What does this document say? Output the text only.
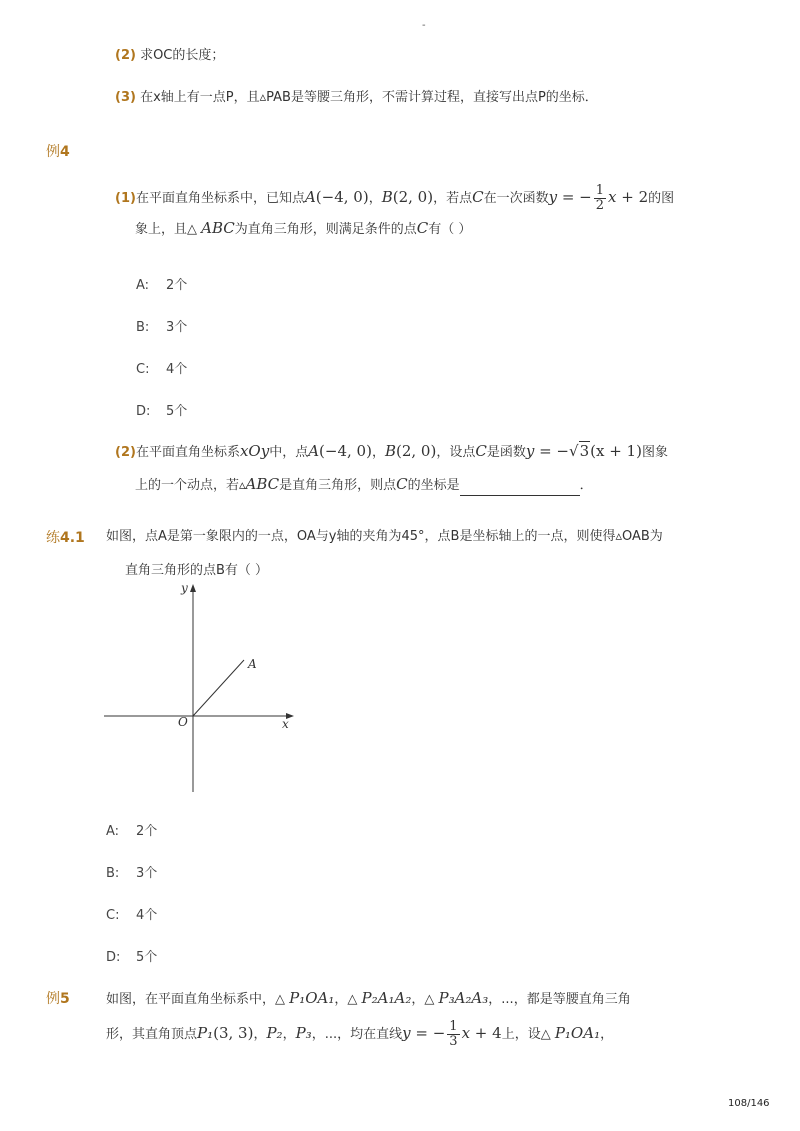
-
(2) 求OC的长度；
(3) 在x轴上有一点P，且▵PAB是等腰三角形，不需计算过程，直接写出点P的坐标．
例4
(1)在平面直角坐标系中，已知点A(−4, 0)，B(2, 0)，若点C在一次函数y = − $\frac{1}{2}$ x + 2的图
象上，且△ ABC为直角三角形，则满足条件的点C有（ ）
A: 2个
B: 3个
C: 4个
D: 5个
(2)在平面直角坐标系xOy中，点A(−4, 0)，B(2, 0)，设点C是函数y = −√3(x + 1)图象
上的一个动点，若▵ABC是直角三角形，则点C的坐标是	．
练4.1 如图，点A是第一象限内的一点，OA与y轴的夹角为45°，点B是坐标轴上的一点，则使得▵OAB为
直角三角形的点B有（ ）
y
x
O
A
A: 2个
B: 3个
C: 4个
D: 5个
例5	如图，在平面直角坐标系中，△ P₁OA₁，△ P₂A₁A₂，△ P₃A₂A₃，...，都是等腰直角三角
形，其直角顶点P₁(3, 3)，P₂，P₃，...，均在直线y = − $\frac{1}{3}$ x + 4上，设△ P₁OA₁，
108/146
